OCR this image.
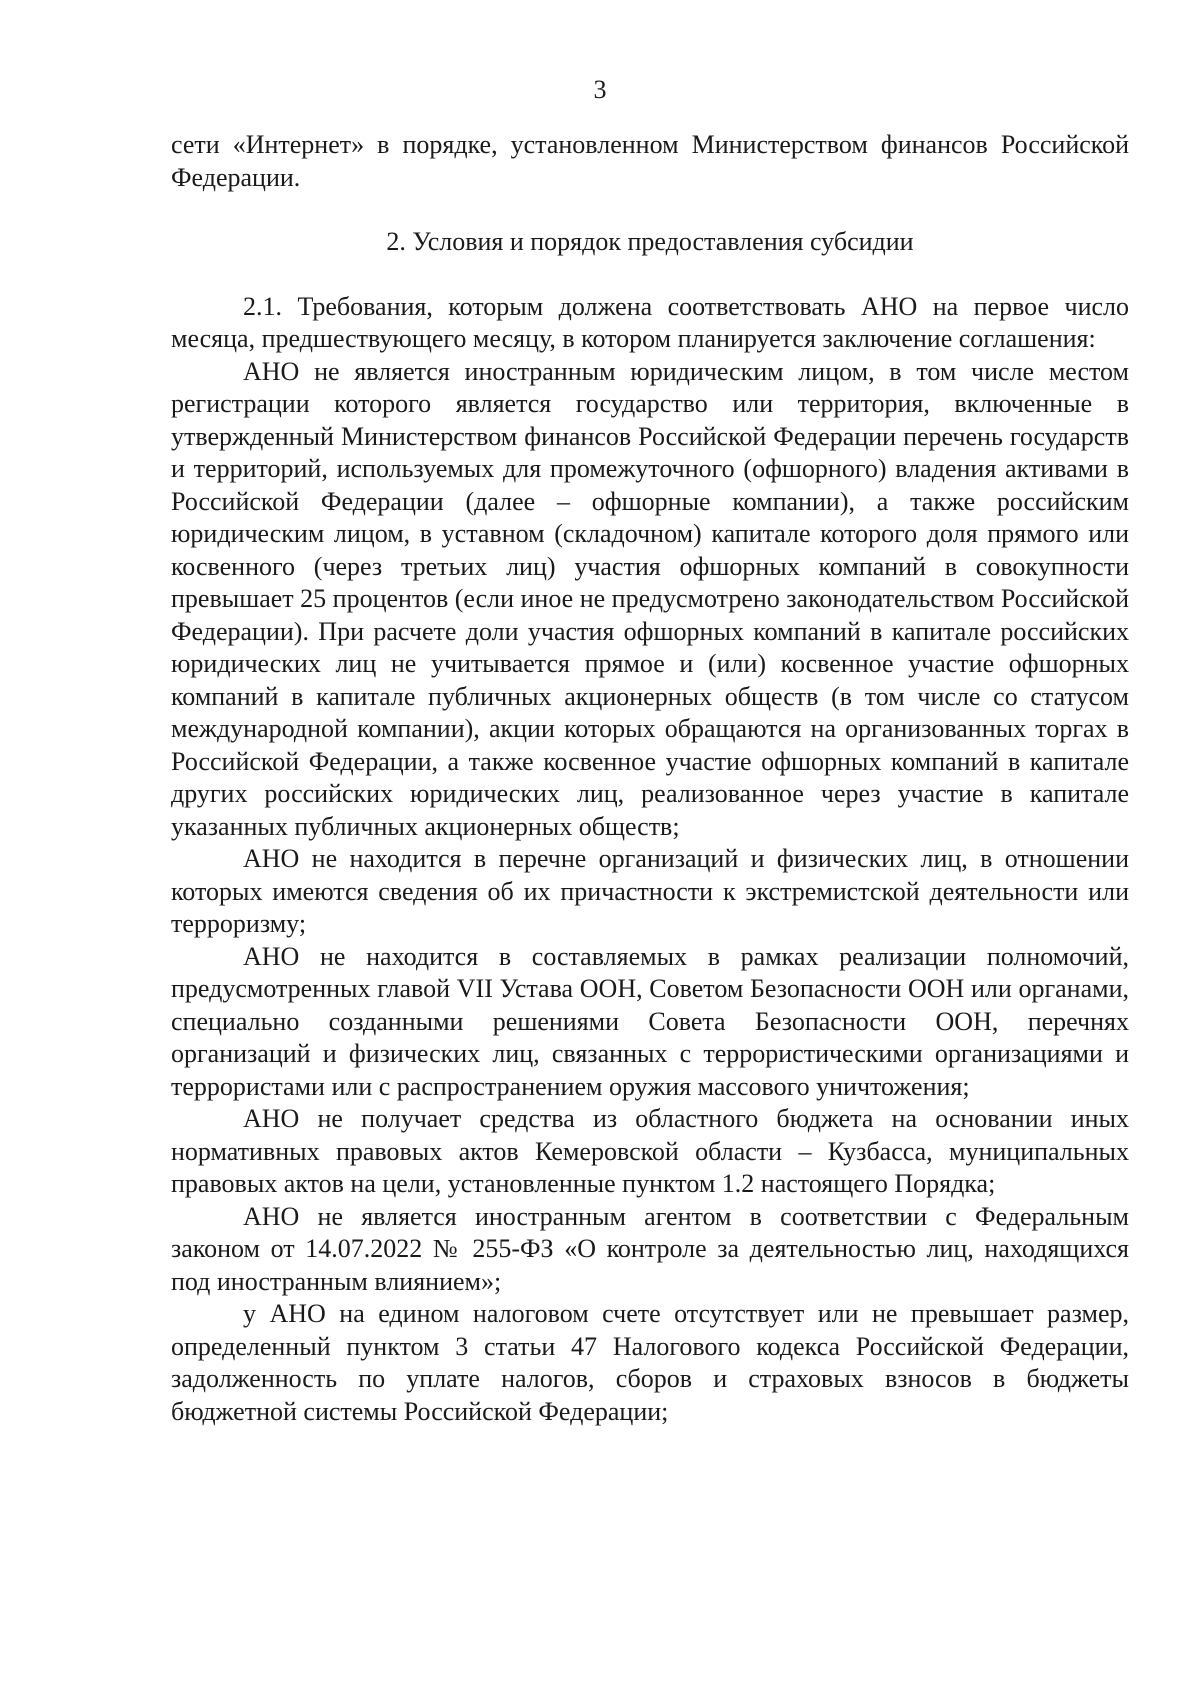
3

сети «Интернет» в порядке, установленном Министерством финансов Российской Федерации.

2. Условия и порядок предоставления субсидии

2.1. Требования, которым должена соответствовать АНО на первое число месяца, предшествующего месяцу, в котором планируется заключение соглашения:

АНО не является иностранным юридическим лицом, в том числе местом регистрации которого является государство или территория, включенные в утвержденный Министерством финансов Российской Федерации перечень государств и территорий, используемых для промежуточного (офшорного) владения активами в Российской Федерации (далее – офшорные компании), а также российским юридическим лицом, в уставном (складочном) капитале которого доля прямого или косвенного (через третьих лиц) участия офшорных компаний в совокупности превышает 25 процентов (если иное не предусмотрено законодательством Российской Федерации). При расчете доли участия офшорных компаний в капитале российских юридических лиц не учитывается прямое и (или) косвенное участие офшорных компаний в капитале публичных акционерных обществ (в том числе со статусом международной компании), акции которых обращаются на организованных торгах в Российской Федерации, а также косвенное участие офшорных компаний в капитале других российских юридических лиц, реализованное через участие в капитале указанных публичных акционерных обществ;

АНО не находится в перечне организаций и физических лиц, в отношении которых имеются сведения об их причастности к экстремистской деятельности или терроризму;

АНО не находится в составляемых в рамках реализации полномочий, предусмотренных главой VII Устава ООН, Советом Безопасности ООН или органами, специально созданными решениями Совета Безопасности ООН, перечнях организаций и физических лиц, связанных с террористическими организациями и террористами или с распространением оружия массового уничтожения;

АНО не получает средства из областного бюджета на основании иных нормативных правовых актов Кемеровской области – Кузбасса, муниципальных правовых актов на цели, установленные пунктом 1.2 настоящего Порядка;

АНО не является иностранным агентом в соответствии с Федеральным законом от 14.07.2022 № 255-ФЗ «О контроле за деятельностью лиц, находящихся под иностранным влиянием»;

у АНО на едином налоговом счете отсутствует или не превышает размер, определенный пунктом 3 статьи 47 Налогового кодекса Российской Федерации, задолженность по уплате налогов, сборов и страховых взносов в бюджеты бюджетной системы Российской Федерации;
